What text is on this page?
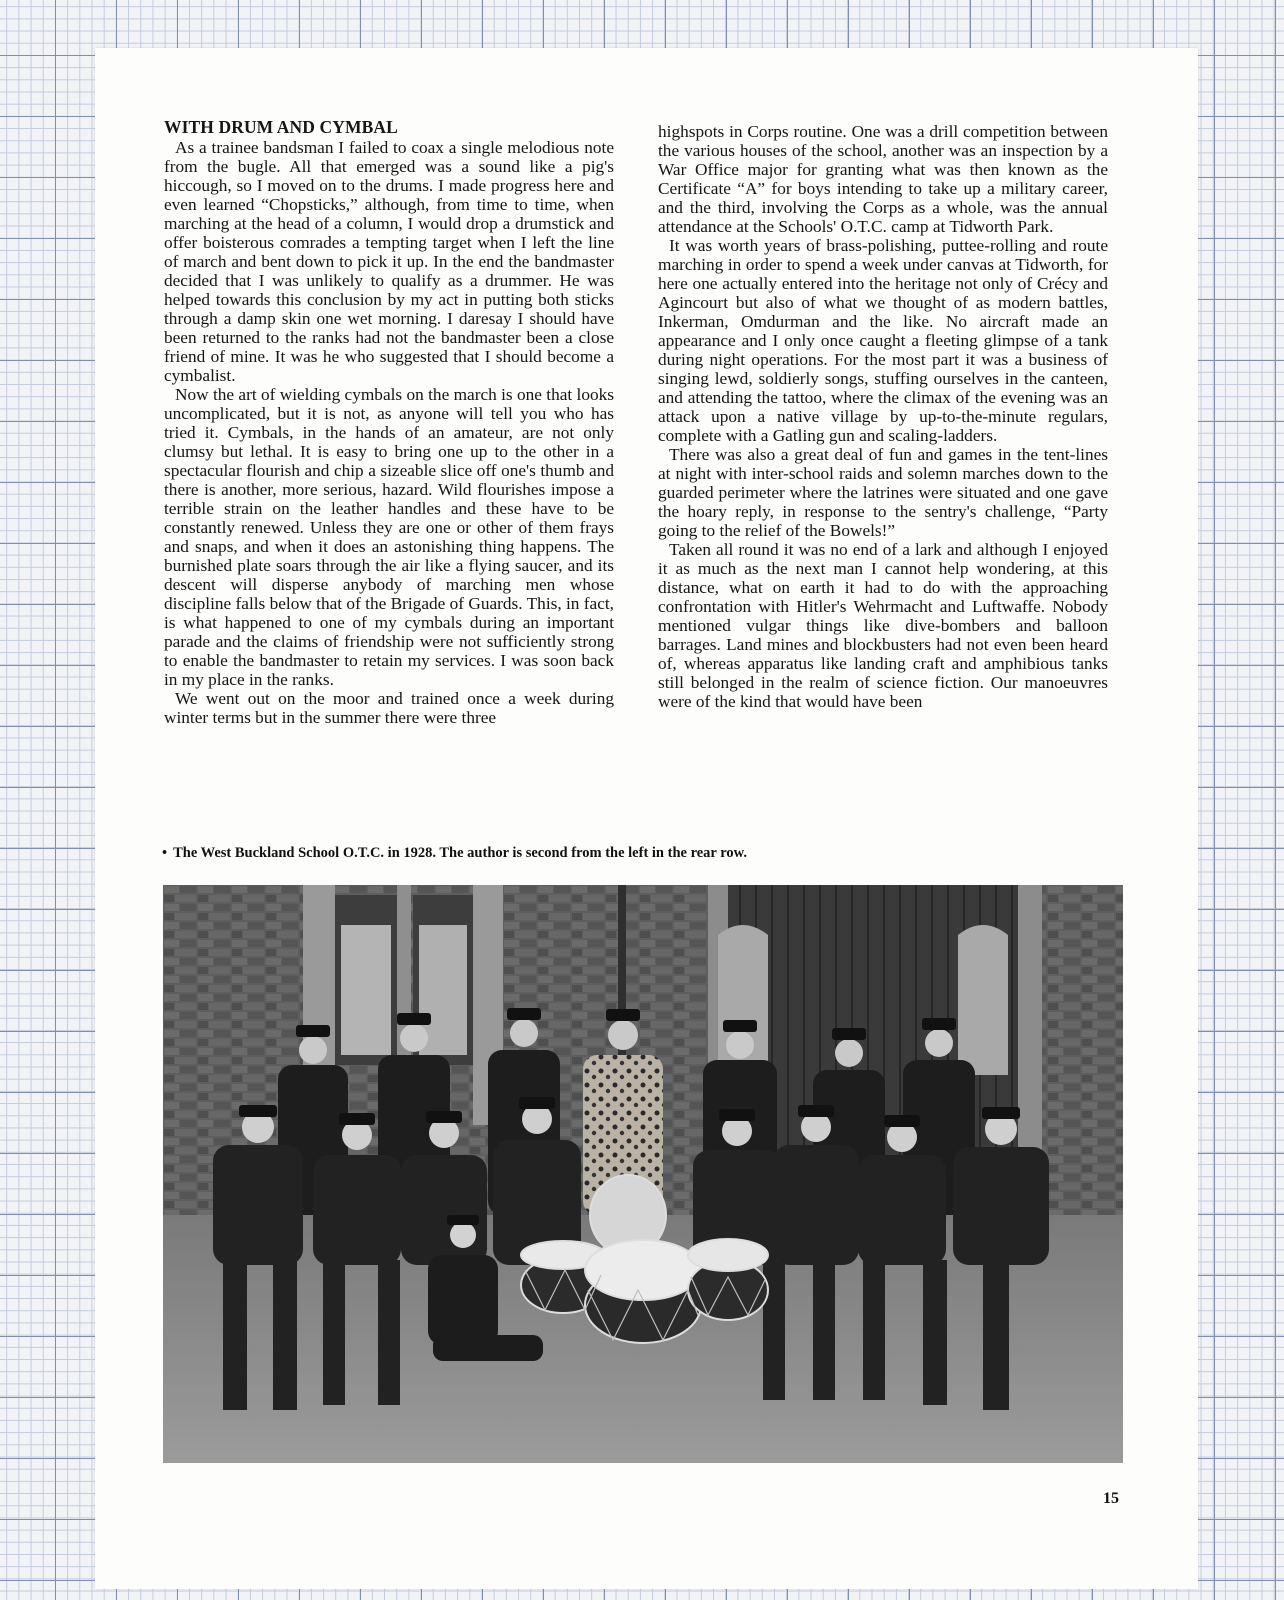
WITH DRUM AND CYMBAL

As a trainee bandsman I failed to coax a single melodious note from the bugle. All that emerged was a sound like a pig's hiccough, so I moved on to the drums. I made progress here and even learned “Chopsticks,” although, from time to time, when marching at the head of a column, I would drop a drumstick and offer boisterous comrades a tempting target when I left the line of march and bent down to pick it up. In the end the bandmaster decided that I was unlikely to qualify as a drummer. He was helped towards this conclusion by my act in putting both sticks through a damp skin one wet morning. I daresay I should have been returned to the ranks had not the bandmaster been a close friend of mine. It was he who suggested that I should become a cymbalist.

Now the art of wielding cymbals on the march is one that looks uncomplicated, but it is not, as anyone will tell you who has tried it. Cymbals, in the hands of an amateur, are not only clumsy but lethal. It is easy to bring one up to the other in a spectacular flourish and chip a sizeable slice off one's thumb and there is another, more serious, hazard. Wild flourishes impose a terrible strain on the leather handles and these have to be constantly renewed. Unless they are one or other of them frays and snaps, and when it does an astonishing thing happens. The burnished plate soars through the air like a flying saucer, and its descent will disperse anybody of marching men whose discipline falls below that of the Brigade of Guards. This, in fact, is what happened to one of my cymbals during an important parade and the claims of friendship were not sufficiently strong to enable the bandmaster to retain my services. I was soon back in my place in the ranks.

We went out on the moor and trained once a week during winter terms but in the summer there were three

highspots in Corps routine. One was a drill competition between the various houses of the school, another was an inspection by a War Office major for granting what was then known as the Certificate “A” for boys intending to take up a military career, and the third, involving the Corps as a whole, was the annual attendance at the Schools' O.T.C. camp at Tidworth Park.

It was worth years of brass-polishing, puttee-rolling and route marching in order to spend a week under canvas at Tidworth, for here one actually entered into the heritage not only of Crécy and Agincourt but also of what we thought of as modern battles, Inkerman, Omdurman and the like. No aircraft made an appearance and I only once caught a fleeting glimpse of a tank during night operations. For the most part it was a business of singing lewd, soldierly songs, stuffing ourselves in the canteen, and attending the tattoo, where the climax of the evening was an attack upon a native village by up-to-the-minute regulars, complete with a Gatling gun and scaling-ladders.

There was also a great deal of fun and games in the tent-lines at night with inter-school raids and solemn marches down to the guarded perimeter where the latrines were situated and one gave the hoary reply, in response to the sentry's challenge, “Party going to the relief of the Bowels!”

Taken all round it was no end of a lark and although I enjoyed it as much as the next man I cannot help wondering, at this distance, what on earth it had to do with the approaching confrontation with Hitler's Wehrmacht and Luftwaffe. Nobody mentioned vulgar things like dive-bombers and balloon barrages. Land mines and blockbusters had not even been heard of, whereas apparatus like landing craft and amphibious tanks still belonged in the realm of science fiction. Our manoeuvres were of the kind that would have been

• The West Buckland School O.T.C. in 1928. The author is second from the left in the rear row.
15
